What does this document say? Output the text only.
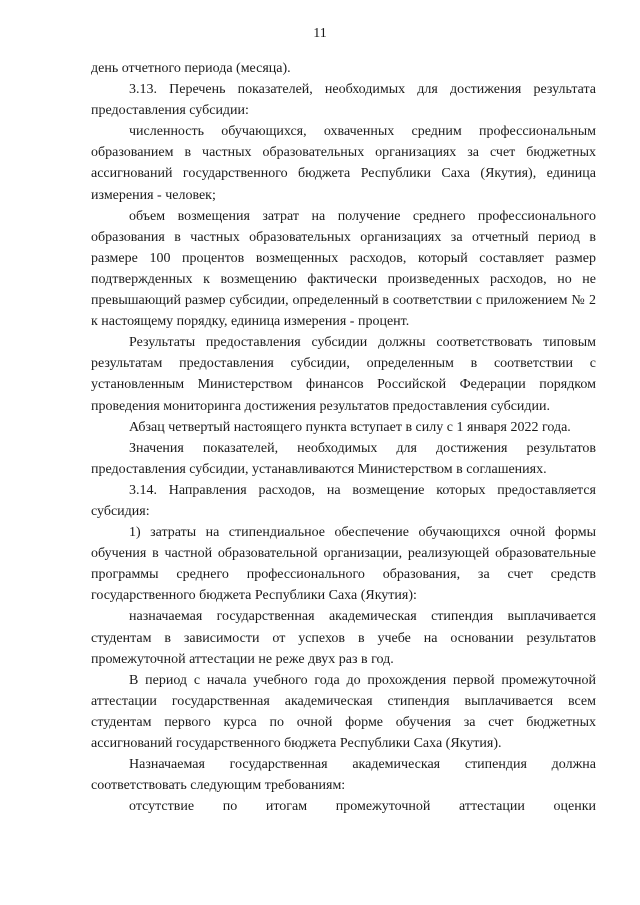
11

день отчетного периода (месяца).

3.13. Перечень показателей, необходимых для достижения результата предоставления субсидии:

численность обучающихся, охваченных средним профессиональным образованием в частных образовательных организациях за счет бюджетных ассигнований государственного бюджета Республики Саха (Якутия), единица измерения - человек;

объем возмещения затрат на получение среднего профессионального образования в частных образовательных организациях за отчетный период в размере 100 процентов возмещенных расходов, который составляет размер подтвержденных к возмещению фактически произведенных расходов, но не превышающий размер субсидии, определенный в соответствии с приложением № 2 к настоящему порядку, единица измерения - процент.

Результаты предоставления субсидии должны соответствовать типовым результатам предоставления субсидии, определенным в соответствии с установленным Министерством финансов Российской Федерации порядком проведения мониторинга достижения результатов предоставления субсидии.

Абзац четвертый настоящего пункта вступает в силу с 1 января 2022 года.

Значения показателей, необходимых для достижения результатов предоставления субсидии, устанавливаются Министерством в соглашениях.

3.14. Направления расходов, на возмещение которых предоставляется субсидия:

1) затраты на стипендиальное обеспечение обучающихся очной формы обучения в частной образовательной организации, реализующей образовательные программы среднего профессионального образования, за счет средств государственного бюджета Республики Саха (Якутия):

назначаемая государственная академическая стипендия выплачивается студентам в зависимости от успехов в учебе на основании результатов промежуточной аттестации не реже двух раз в год.

В период с начала учебного года до прохождения первой промежуточной аттестации государственная академическая стипендия выплачивается всем студентам первого курса по очной форме обучения за счет бюджетных ассигнований государственного бюджета Республики Саха (Якутия).

Назначаемая государственная академическая стипендия должна соответствовать следующим требованиям:

отсутствие по итогам промежуточной аттестации оценки
